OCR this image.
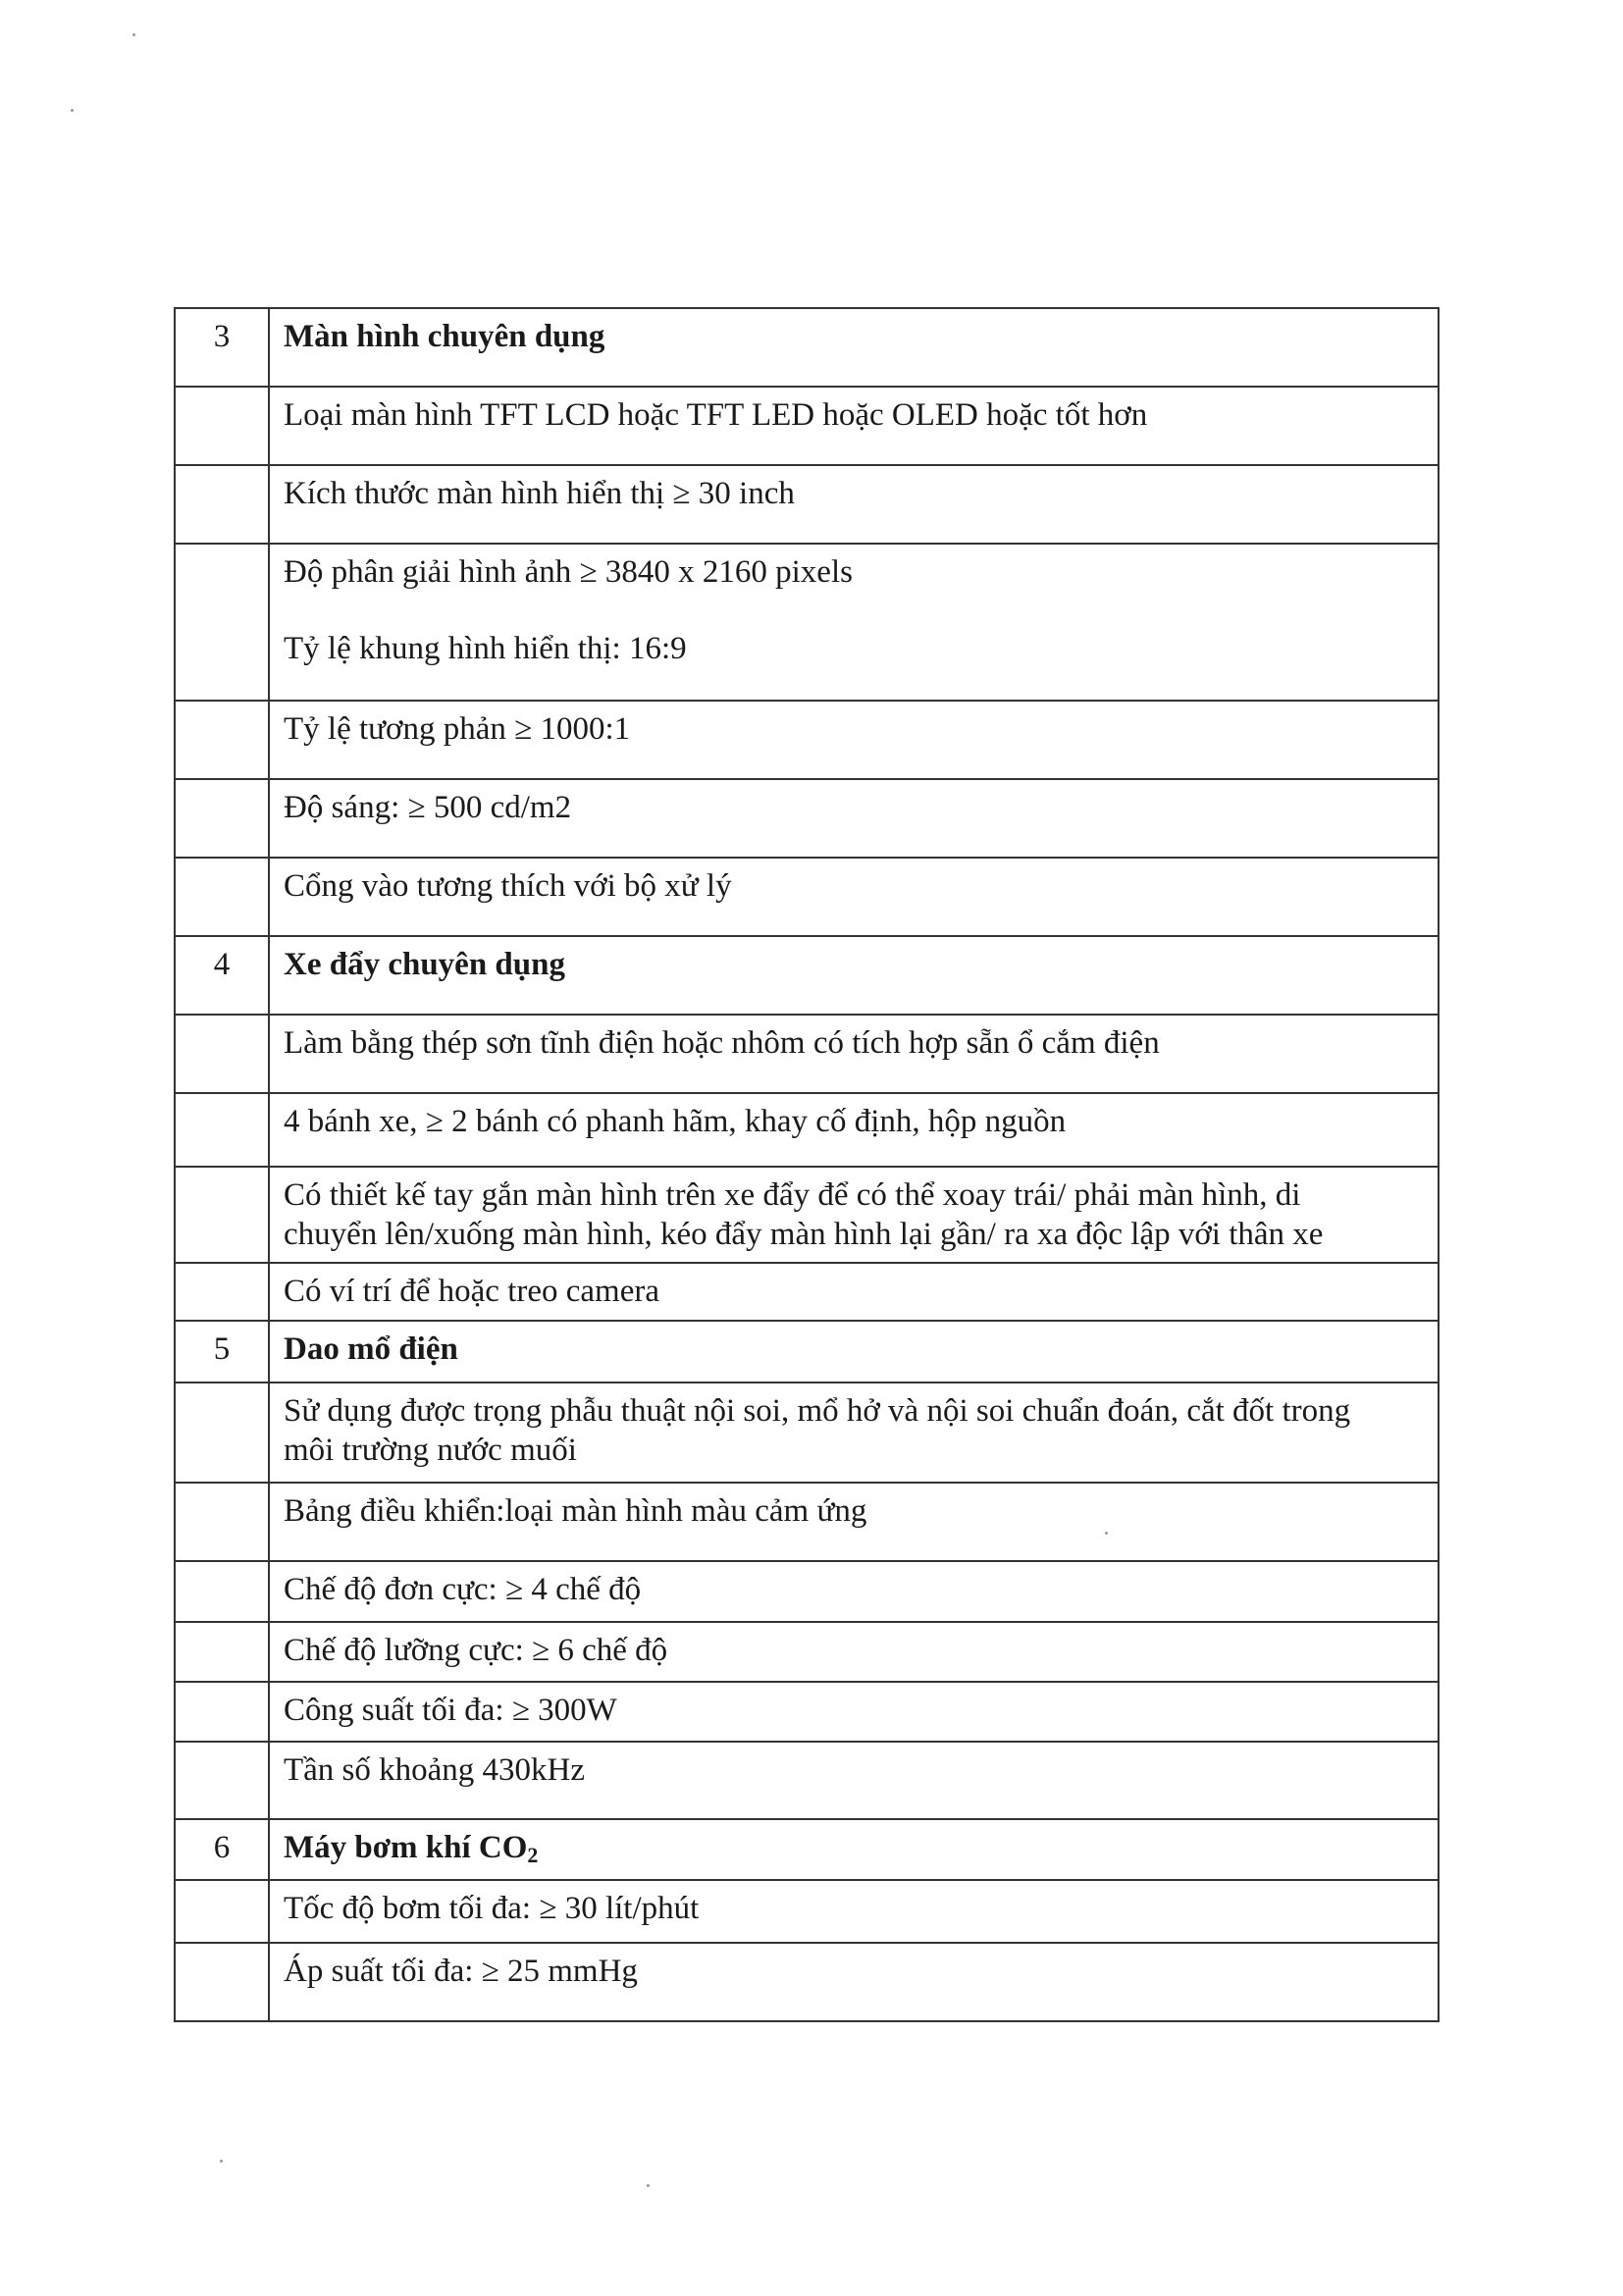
3	Màn hình chuyên dụng
	Loại màn hình TFT LCD hoặc TFT LED hoặc OLED hoặc tốt hơn
	Kích thước màn hình hiển thị ≥ 30 inch

	Độ phân giải hình ảnh ≥ 3840 x 2160 pixels
Tỷ lệ khung hình hiển thị: 16:9

	Tỷ lệ tương phản ≥ 1000:1
	Độ sáng: ≥ 500 cd/m2
	Cổng vào tương thích với bộ xử lý
4	Xe đẩy chuyên dụng
	Làm bằng thép sơn tĩnh điện hoặc nhôm có tích hợp sẵn ổ cắm điện
	4 bánh xe, ≥ 2 bánh có phanh hãm, khay cố định, hộp nguồn

	Có thiết kế tay gắn màn hình trên xe đẩy để có thể xoay trái/ phải màn hình, di
chuyển lên/xuống màn hình, kéo đẩy màn hình lại gần/ ra xa độc lập với thân xe

	Có ví trí để hoặc treo camera
5	Dao mổ điện

	Sử dụng được trọng phẫu thuật nội soi, mổ hở và nội soi chuẩn đoán, cắt đốt trong
môi trường nước muối

	Bảng điều khiển:loại màn hình màu cảm ứng
	Chế độ đơn cực: ≥ 4 chế độ
	Chế độ lưỡng cực: ≥ 6 chế độ
	Công suất tối đa: ≥ 300W
	Tần số khoảng 430kHz
6	Máy bơm khí $CO_2$
	Tốc độ bơm tối đa: ≥ 30 lít/phút
	Áp suất tối đa: ≥ 25 mmHg
